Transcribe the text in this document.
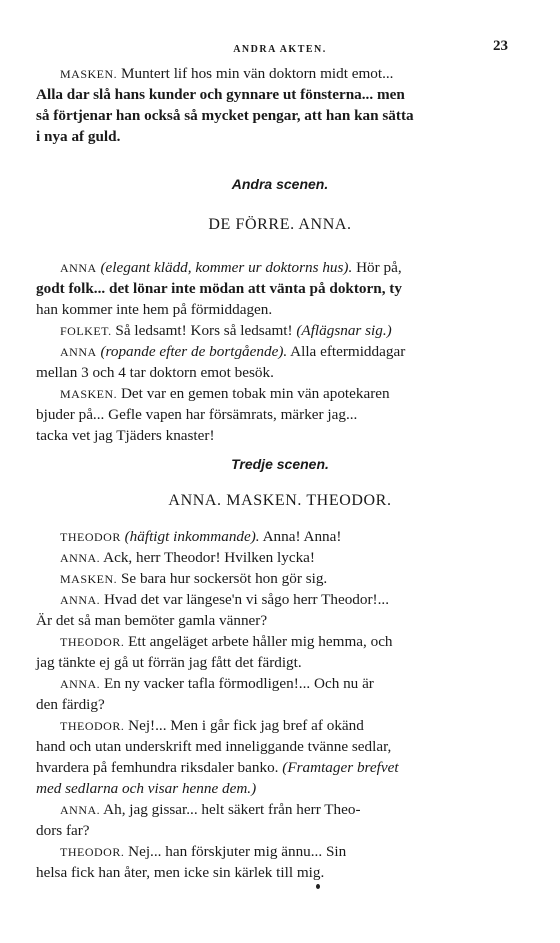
ANDRA AKTEN.	23

MASKEN. Muntert lif hos min vän doktorn midt emot...

Alla dar slå hans kunder och gynnare ut fönsterna... men

så förtjenar han också så mycket pengar, att han kan sätta

i nya af guld.

Andra scenen.
DE FÖRRE. ANNA.

ANNA (elegant klädd, kommer ur doktorns hus). Hör på,

godt folk... det lönar inte mödan att vänta på doktorn, ty

han kommer inte hem på förmiddagen.

FOLKET. Så ledsamt! Kors så ledsamt! (Aflägsnar sig.)

ANNA (ropande efter de bortgående). Alla eftermiddagar

mellan 3 och 4 tar doktorn emot besök.

MASKEN. Det var en gemen tobak min vän apotekaren

bjuder på... Gefle vapen har försämrats, märker jag...

tacka vet jag Tjäders knaster!

Tredje scenen.
ANNA. MASKEN. THEODOR.

THEODOR (häftigt inkommande). Anna! Anna!

ANNA. Ack, herr Theodor! Hvilken lycka!

MASKEN. Se bara hur sockersöt hon gör sig.

ANNA. Hvad det var längese'n vi sågo herr Theodor!...

Är det så man bemöter gamla vänner?

THEODOR. Ett angeläget arbete håller mig hemma, och

jag tänkte ej gå ut förrän jag fått det färdigt.

ANNA. En ny vacker tafla förmodligen!... Och nu är

den färdig?

THEODOR. Nej!... Men i går fick jag bref af okänd

hand och utan underskrift med inneliggande tvänne sedlar,

hvardera på femhundra riksdaler banko. (Framtager brefvet

med sedlarna och visar henne dem.)

ANNA. Ah, jag gissar... helt säkert från herr Theo-

dors far?

THEODOR. Nej... han förskjuter mig ännu... Sin

helsa fick han åter, men icke sin kärlek till mig.
